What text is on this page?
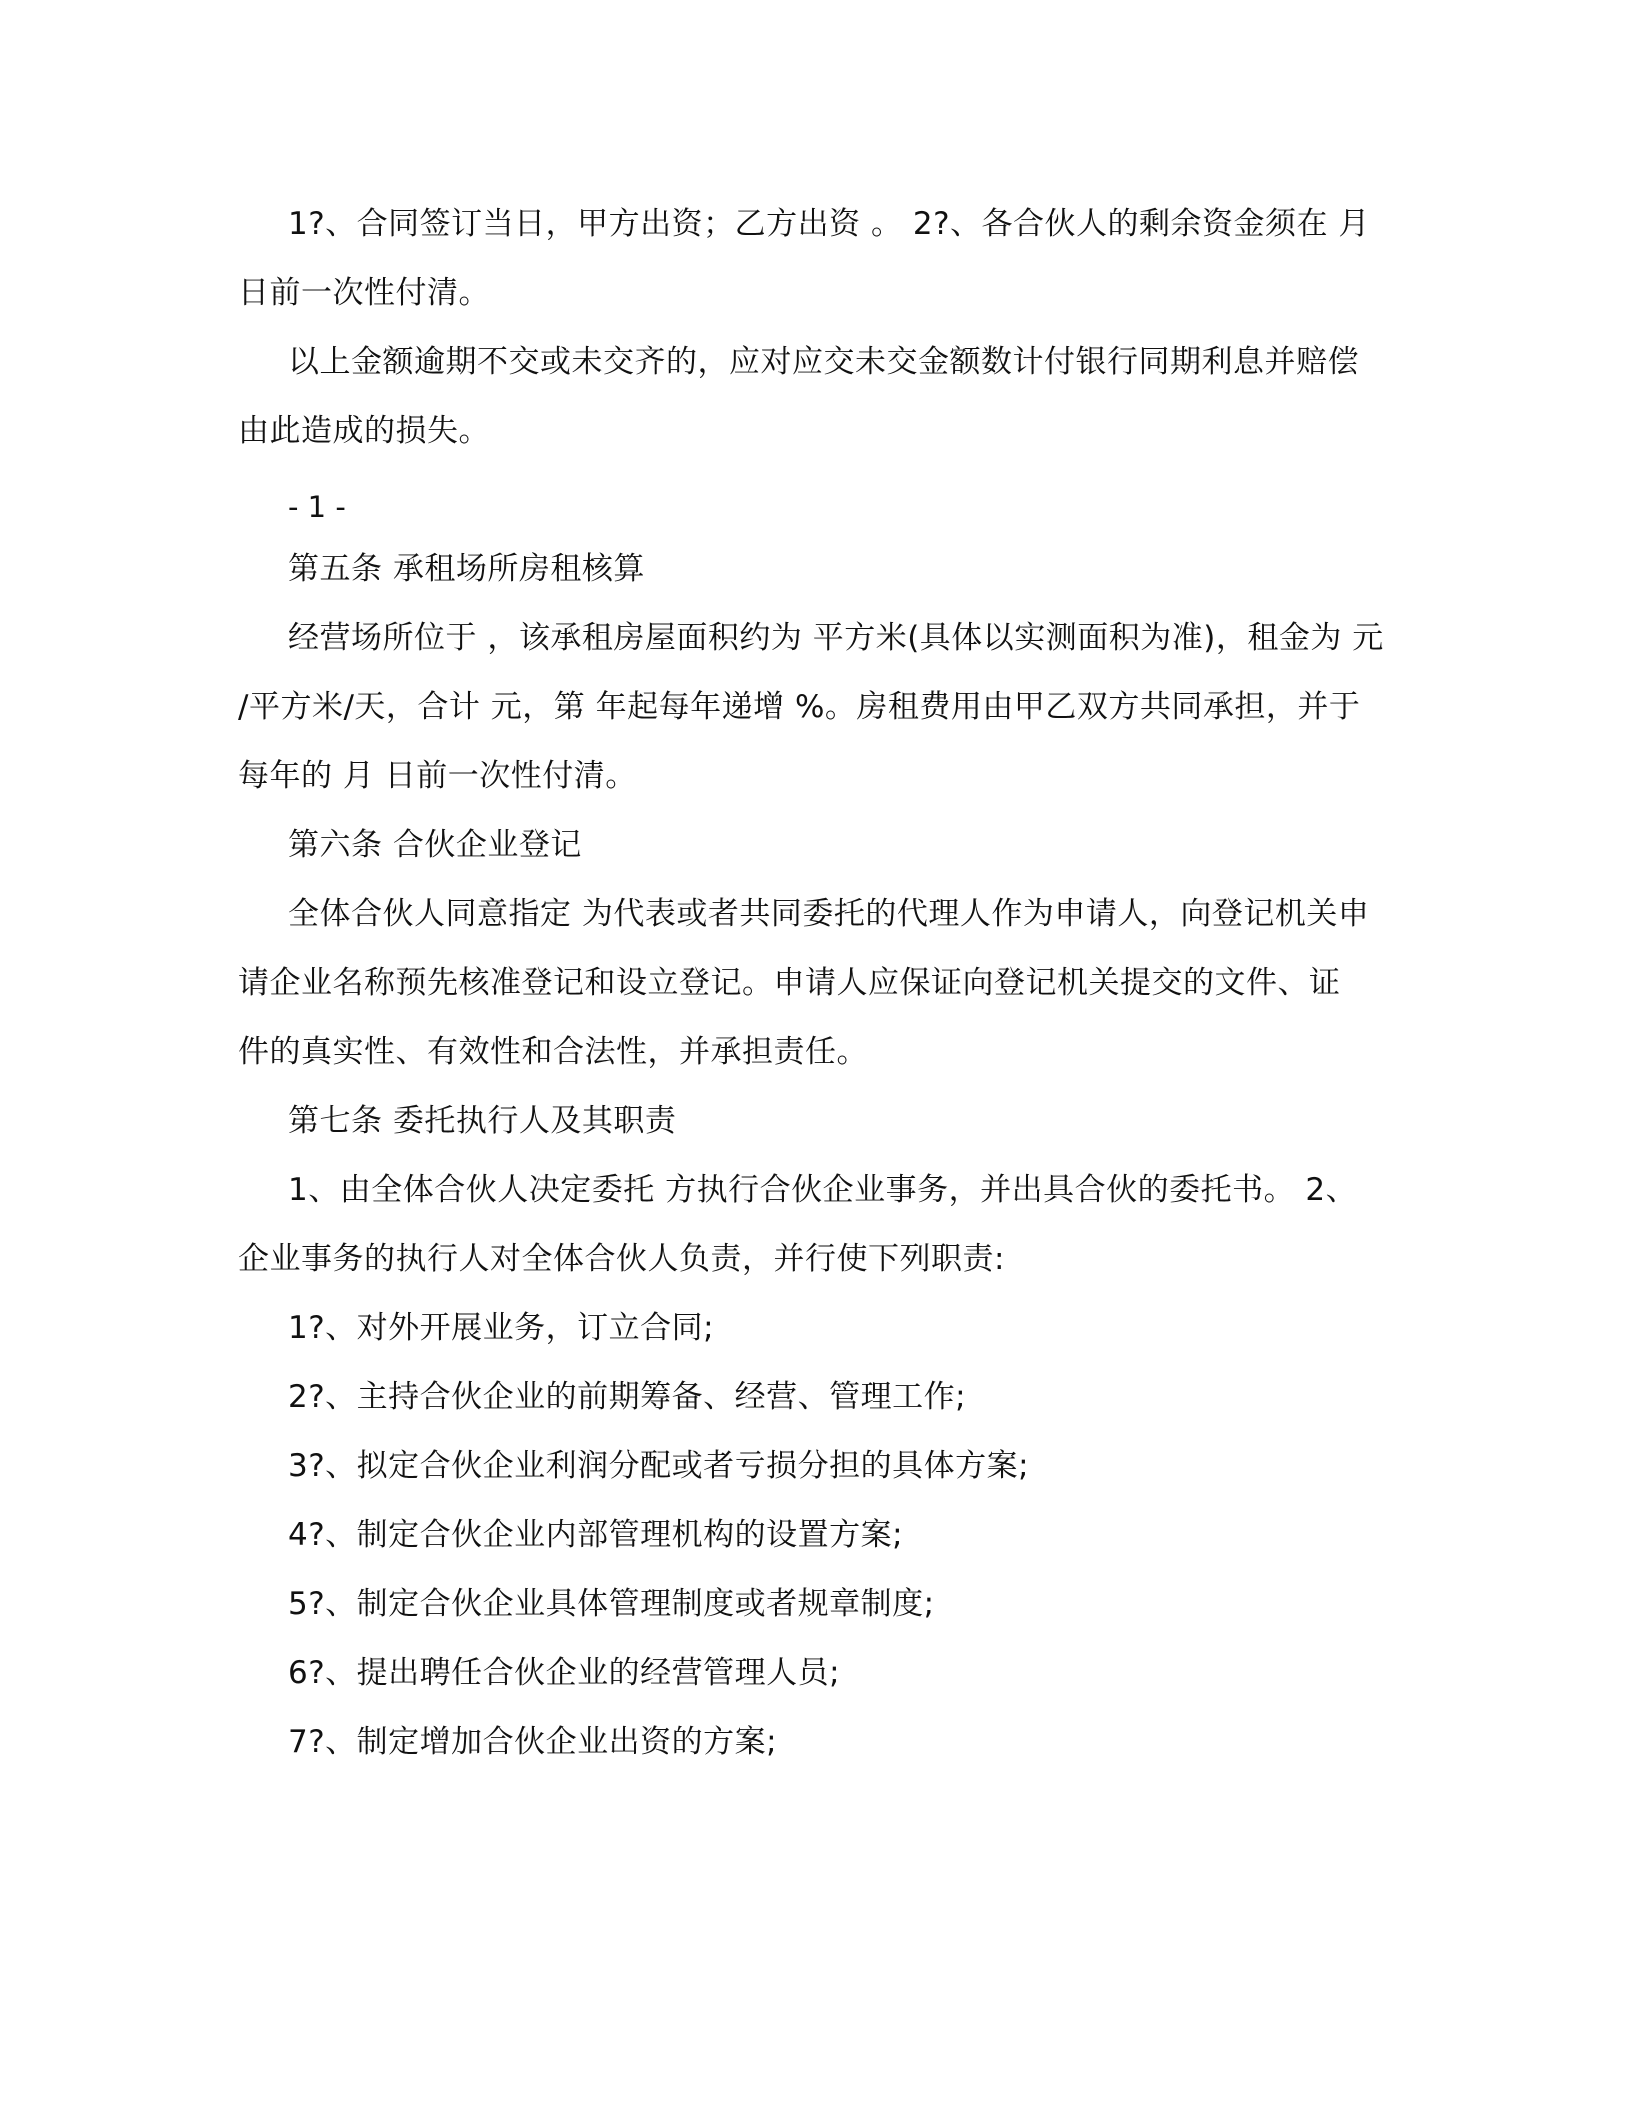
1?、合同签订当日，甲方出资；乙方出资 。 2?、各合伙人的剩余资金须在 月
日前一次性付清。
以上金额逾期不交或未交齐的，应对应交未交金额数计付银行同期利息并赔偿
由此造成的损失。
- 1 -
第五条 承租场所房租核算
经营场所位于 ，该承租房屋面积约为 平方米(具体以实测面积为准)，租金为 元
/平方米/天，合计 元，第 年起每年递增 %。房租费用由甲乙双方共同承担，并于
每年的 月 日前一次性付清。
第六条 合伙企业登记
全体合伙人同意指定 为代表或者共同委托的代理人作为申请人，向登记机关申
请企业名称预先核准登记和设立登记。申请人应保证向登记机关提交的文件、证
件的真实性、有效性和合法性，并承担责任。
第七条 委托执行人及其职责
1、由全体合伙人决定委托 方执行合伙企业事务，并出具合伙的委托书。 2、
企业事务的执行人对全体合伙人负责，并行使下列职责:
1?、对外开展业务，订立合同;
2?、主持合伙企业的前期筹备、经营、管理工作;
3?、拟定合伙企业利润分配或者亏损分担的具体方案;
4?、制定合伙企业内部管理机构的设置方案;
5?、制定合伙企业具体管理制度或者规章制度;
6?、提出聘任合伙企业的经营管理人员;
7?、制定增加合伙企业出资的方案;
